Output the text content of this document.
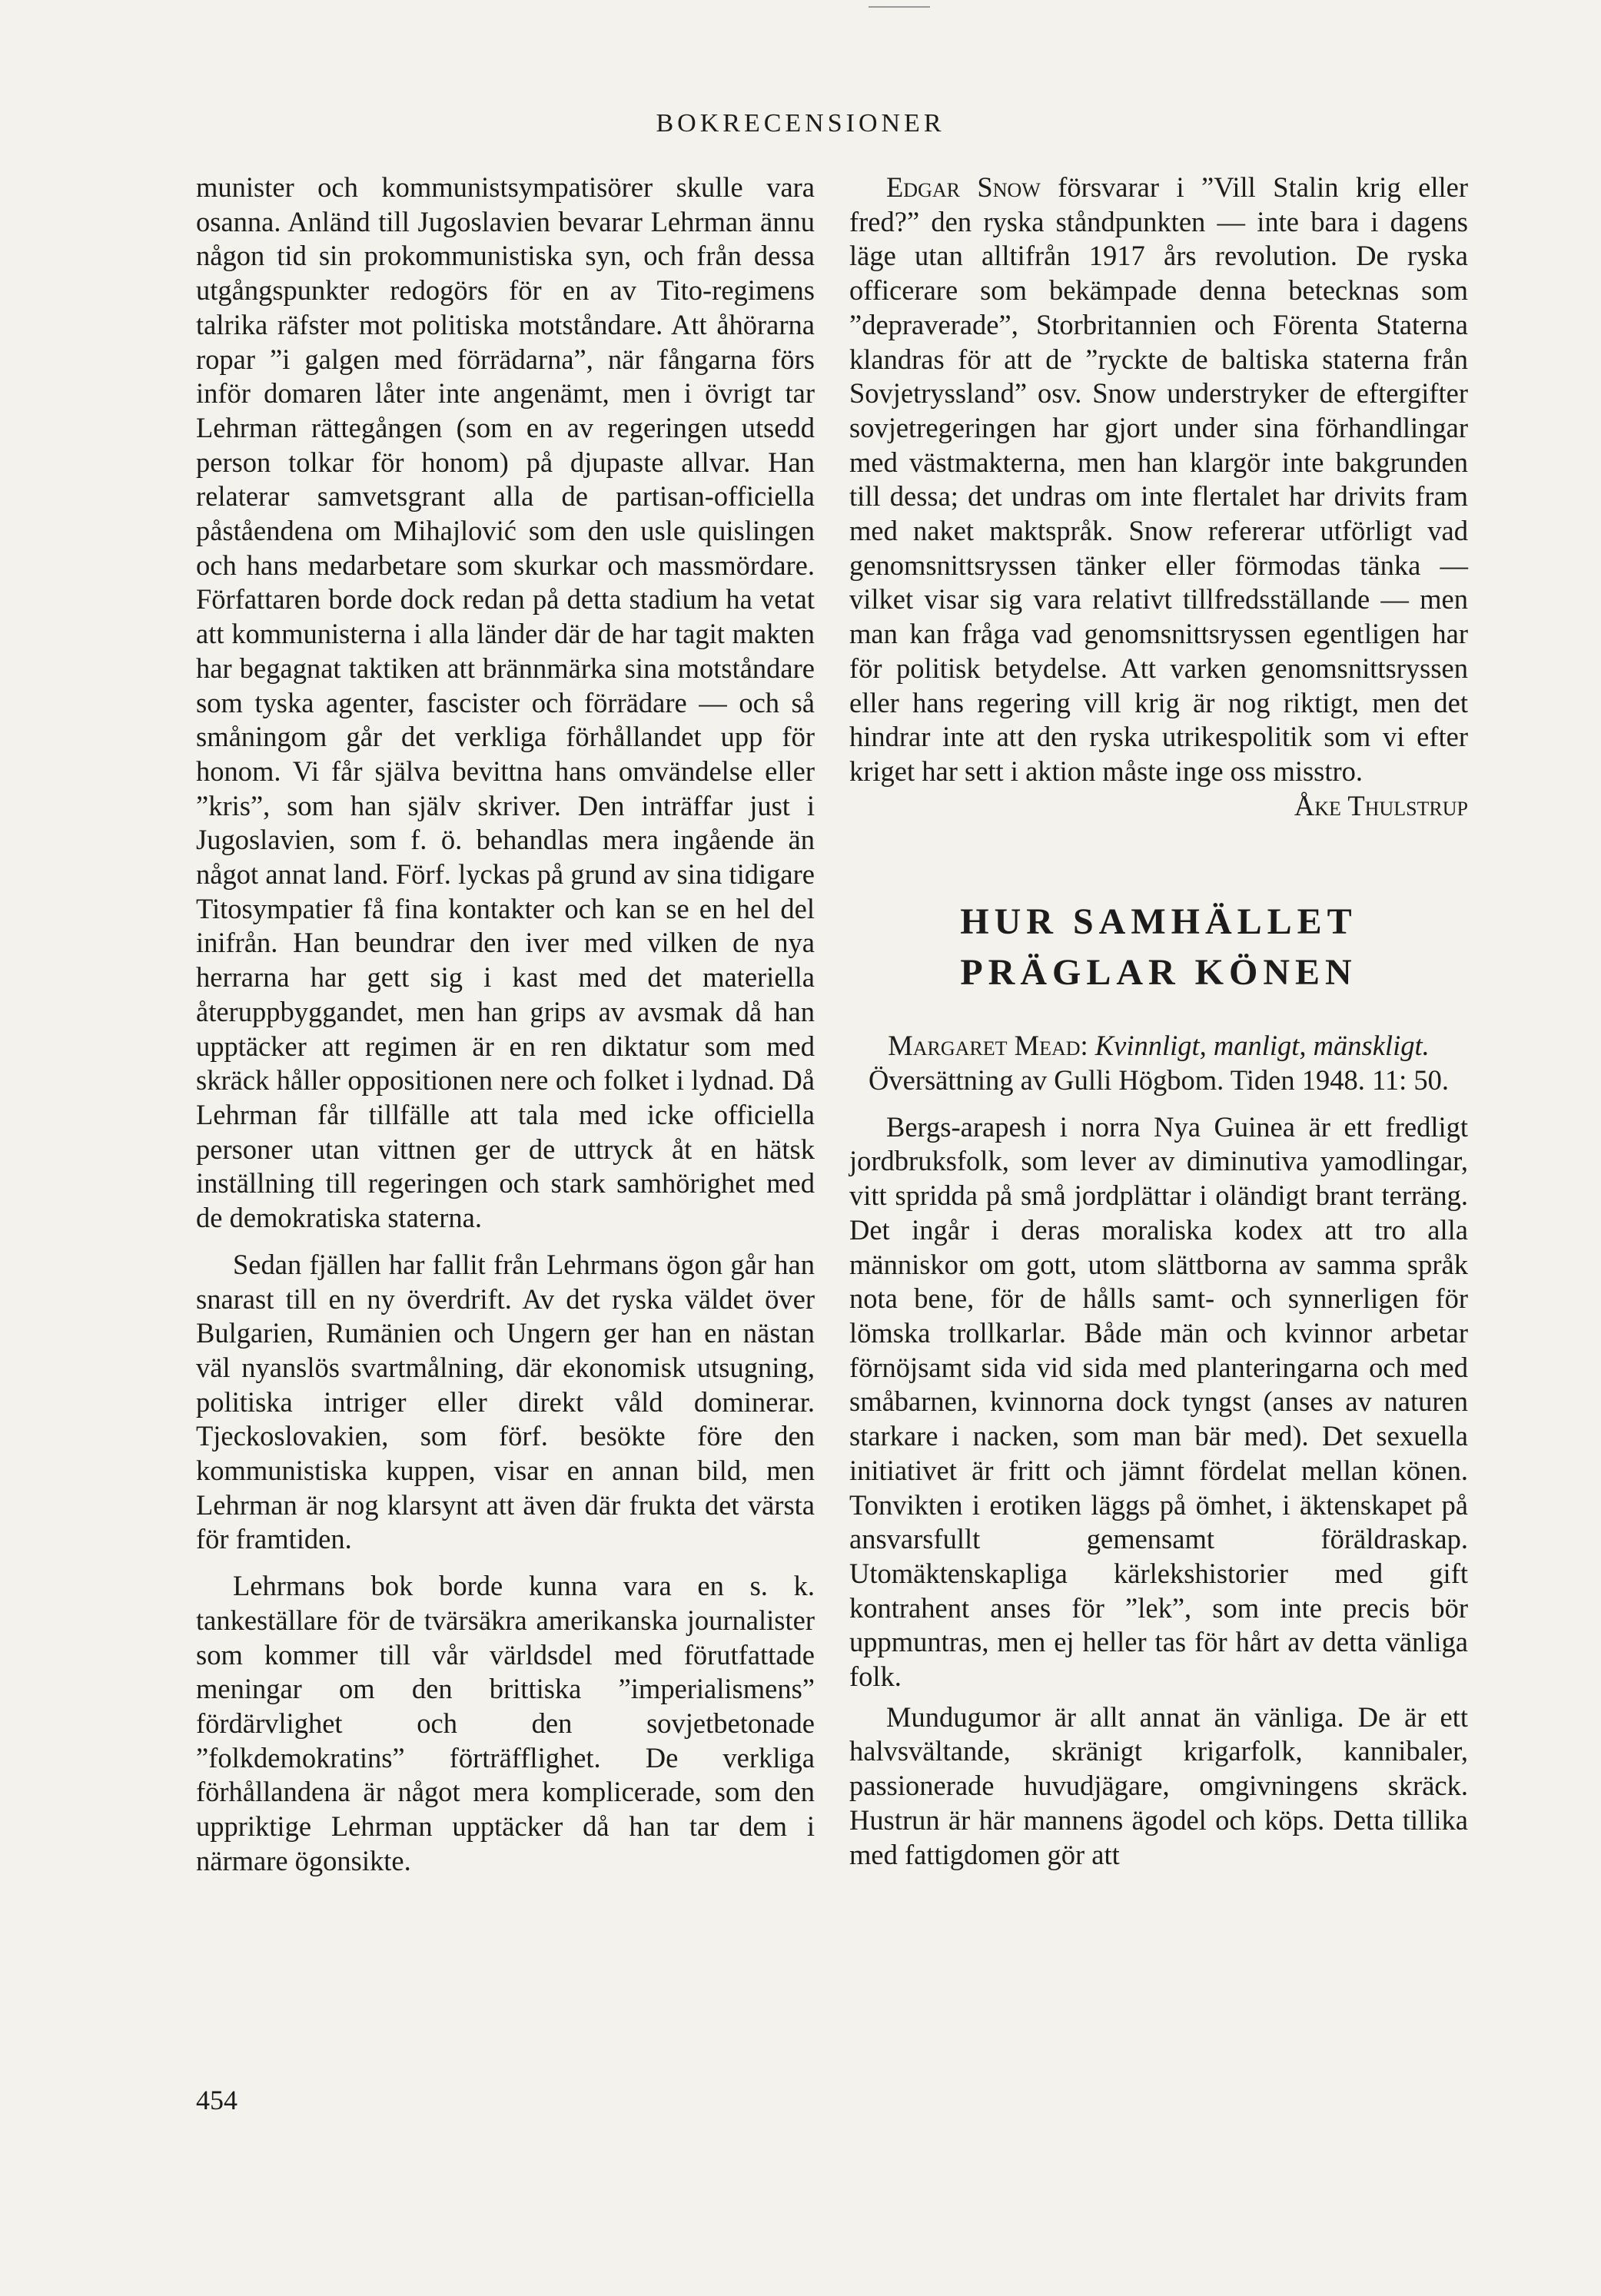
BOKRECENSIONER

munister och kommunistsympatisörer skulle vara osanna. Anländ till Jugoslavien bevarar Lehrman ännu någon tid sin prokommunistiska syn, och från dessa utgångspunkter redogörs för en av Tito-regimens talrika räfster mot politiska motståndare. Att åhörarna ropar ”i galgen med förrädarna”, när fångarna förs inför domaren låter inte angenämt, men i övrigt tar Lehrman rättegången (som en av regeringen utsedd person tolkar för honom) på djupaste allvar. Han relaterar samvetsgrant alla de partisan-officiella påståendena om Mihajlović som den usle quislingen och hans medarbetare som skurkar och massmördare. Författaren borde dock redan på detta stadium ha vetat att kommunisterna i alla länder där de har tagit makten har begagnat taktiken att brännmärka sina motståndare som tyska agenter, fascister och förrädare — och så småningom går det verkliga förhållandet upp för honom. Vi får själva bevittna hans omvändelse eller ”kris”, som han själv skriver. Den inträffar just i Jugoslavien, som f. ö. behandlas mera ingående än något annat land. Förf. lyckas på grund av sina tidigare Titosympatier få fina kontakter och kan se en hel del inifrån. Han beundrar den iver med vilken de nya herrarna har gett sig i kast med det materiella återuppbyggandet, men han grips av avsmak då han upptäcker att regimen är en ren diktatur som med skräck håller oppositionen nere och folket i lydnad. Då Lehrman får tillfälle att tala med icke officiella personer utan vittnen ger de uttryck åt en hätsk inställning till regeringen och stark samhörighet med de demokratiska staterna.

Sedan fjällen har fallit från Lehrmans ögon går han snarast till en ny överdrift. Av det ryska väldet över Bulgarien, Rumänien och Ungern ger han en nästan väl nyanslös svartmålning, där ekonomisk utsugning, politiska intriger eller direkt våld dominerar. Tjeckoslovakien, som förf. besökte före den kommunistiska kuppen, visar en annan bild, men Lehrman är nog klarsynt att även där frukta det värsta för framtiden.

Lehrmans bok borde kunna vara en s. k. tankeställare för de tvärsäkra amerikanska journalister som kommer till vår världsdel med förutfattade meningar om den brittiska ”imperialismens” fördärvlighet och den sovjetbetonade ”folkdemokratins” förträfflighet. De verkliga förhållandena är något mera komplicerade, som den uppriktige Lehrman upptäcker då han tar dem i närmare ögonsikte.

Edgar Snow försvarar i ”Vill Stalin krig eller fred?” den ryska ståndpunkten — inte bara i dagens läge utan alltifrån 1917 års revolution. De ryska officerare som bekämpade denna betecknas som ”depraverade”, Storbritannien och Förenta Staterna klandras för att de ”ryckte de baltiska staterna från Sovjetryssland” osv. Snow understryker de eftergifter sovjetregeringen har gjort under sina förhandlingar med västmakterna, men han klargör inte bakgrunden till dessa; det undras om inte flertalet har drivits fram med naket maktspråk. Snow refererar utförligt vad genomsnittsryssen tänker eller förmodas tänka — vilket visar sig vara relativt tillfredsställande — men man kan fråga vad genomsnittsryssen egentligen har för politisk betydelse. Att varken genomsnittsryssen eller hans regering vill krig är nog riktigt, men det hindrar inte att den ryska utrikespolitik som vi efter kriget har sett i aktion måste inge oss misstro.

Åke Thulstrup

HUR SAMHÄLLET
PRÄGLAR KÖNEN

Margaret Mead: Kvinnligt, manligt, mänskligt. Översättning av Gulli Högbom. Tiden 1948. 11: 50.

Bergs-arapesh i norra Nya Guinea är ett fredligt jordbruksfolk, som lever av diminutiva yamodlingar, vitt spridda på små jordplättar i oländigt brant terräng. Det ingår i deras moraliska kodex att tro alla människor om gott, utom slättborna av samma språk nota bene, för de hålls samt- och synnerligen för lömska trollkarlar. Både män och kvinnor arbetar förnöjsamt sida vid sida med planteringarna och med småbarnen, kvinnorna dock tyngst (anses av naturen starkare i nacken, som man bär med). Det sexuella initiativet är fritt och jämnt fördelat mellan könen. Tonvikten i erotiken läggs på ömhet, i äktenskapet på ansvarsfullt gemensamt föräldraskap. Utomäktenskapliga kärlekshistorier med gift kontrahent anses för ”lek”, som inte precis bör uppmuntras, men ej heller tas för hårt av detta vänliga folk.

Mundugumor är allt annat än vänliga. De är ett halvsvältande, skränigt krigarfolk, kannibaler, passionerade huvudjägare, omgivningens skräck. Hustrun är här mannens ägodel och köps. Detta tillika med fattigdomen gör att

454
